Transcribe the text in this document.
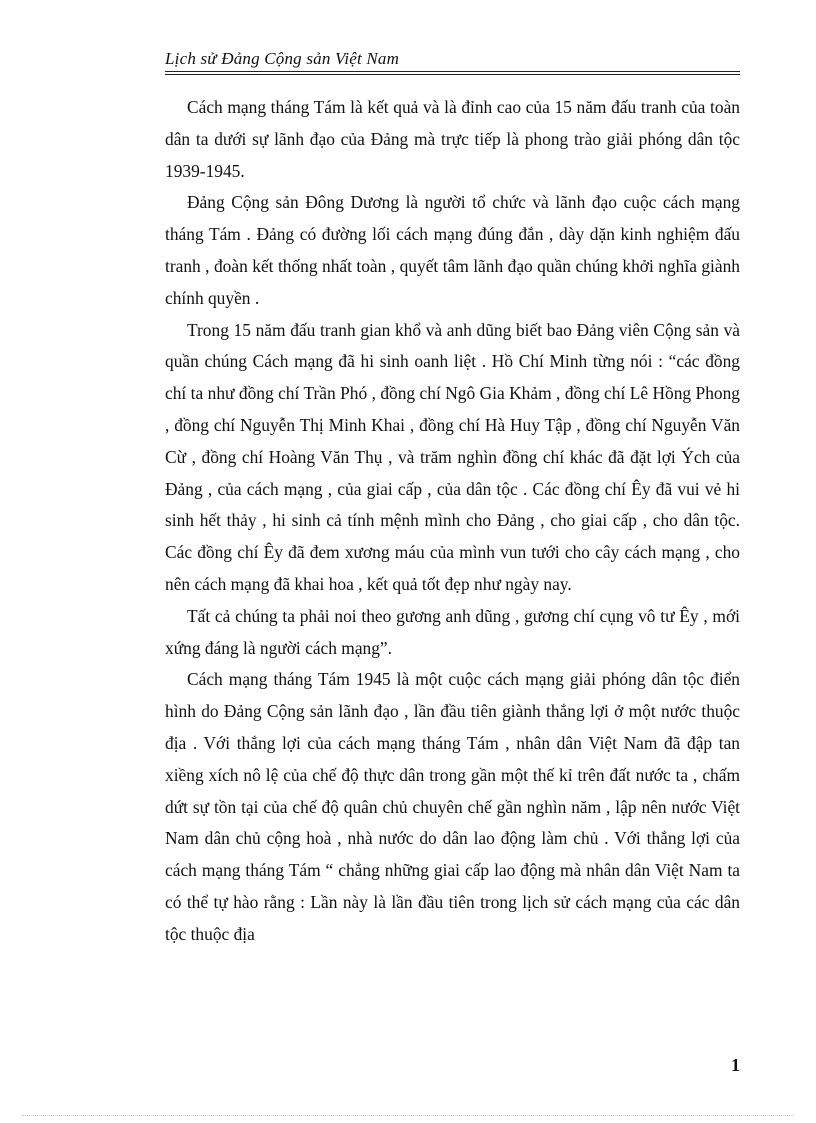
Lịch sử Đảng Cộng sản Việt Nam

Cách mạng tháng Tám là kết quả và là đỉnh cao của 15 năm đấu tranh của toàn dân ta dưới sự lãnh đạo của Đảng mà trực tiếp là phong trào giải phóng dân tộc 1939-1945.

Đảng Cộng sản Đông Dương là người tổ chức và lãnh đạo cuộc cách mạng tháng Tám . Đảng có đường lối cách mạng đúng đắn , dày dặn kinh nghiệm đấu tranh , đoàn kết thống nhất toàn , quyết tâm lãnh đạo quần chúng khởi nghĩa giành chính quyền .

Trong 15 năm đấu tranh gian khổ và anh dũng biết bao Đảng viên Cộng sản và quần chúng Cách mạng đã hi sinh oanh liệt . Hồ Chí Minh từng nói : “các đồng chí ta như đồng chí Trần Phó , đồng chí Ngô Gia Khảm , đồng chí Lê Hồng Phong , đồng chí Nguyễn Thị Minh Khai , đồng chí Hà Huy Tập , đồng chí Nguyễn Văn Cừ , đồng chí Hoàng Văn Thụ , và trăm nghìn đồng chí khác đã đặt lợi Ých của Đảng , của cách mạng , của giai cấp , của dân tộc . Các đồng chí Êy đã vui vẻ hi sinh hết thảy , hi sinh cả tính mệnh mình cho Đảng , cho giai cấp , cho dân tộc. Các đồng chí Êy đã đem xương máu của mình vun tưới cho cây cách mạng , cho nên cách mạng đã khai hoa , kết quả tốt đẹp như ngày nay.

Tất cả chúng ta phải noi theo gương anh dũng , gương chí cụng vô tư Êy , mới xứng đáng là người cách mạng”.

Cách mạng tháng Tám 1945 là một cuộc cách mạng giải phóng dân tộc điển hình do Đảng Cộng sản lãnh đạo , lần đầu tiên giành thắng lợi ở một nước thuộc địa . Với thắng lợi của cách mạng tháng Tám , nhân dân Việt Nam đã đập tan xiềng xích nô lệ của chế độ thực dân trong gần một thế kỉ trên đất nước ta , chấm dứt sự tồn tại của chế độ quân chủ chuyên chế gần nghìn năm , lập nên nước Việt Nam dân chủ cộng hoà , nhà nước do dân lao động làm chủ . Với thắng lợi của cách mạng tháng Tám “ chẳng những giai cấp lao động mà nhân dân Việt Nam ta có thể tự hào rằng : Lần này là lần đầu tiên trong lịch sử cách mạng của các dân tộc thuộc địa

1
